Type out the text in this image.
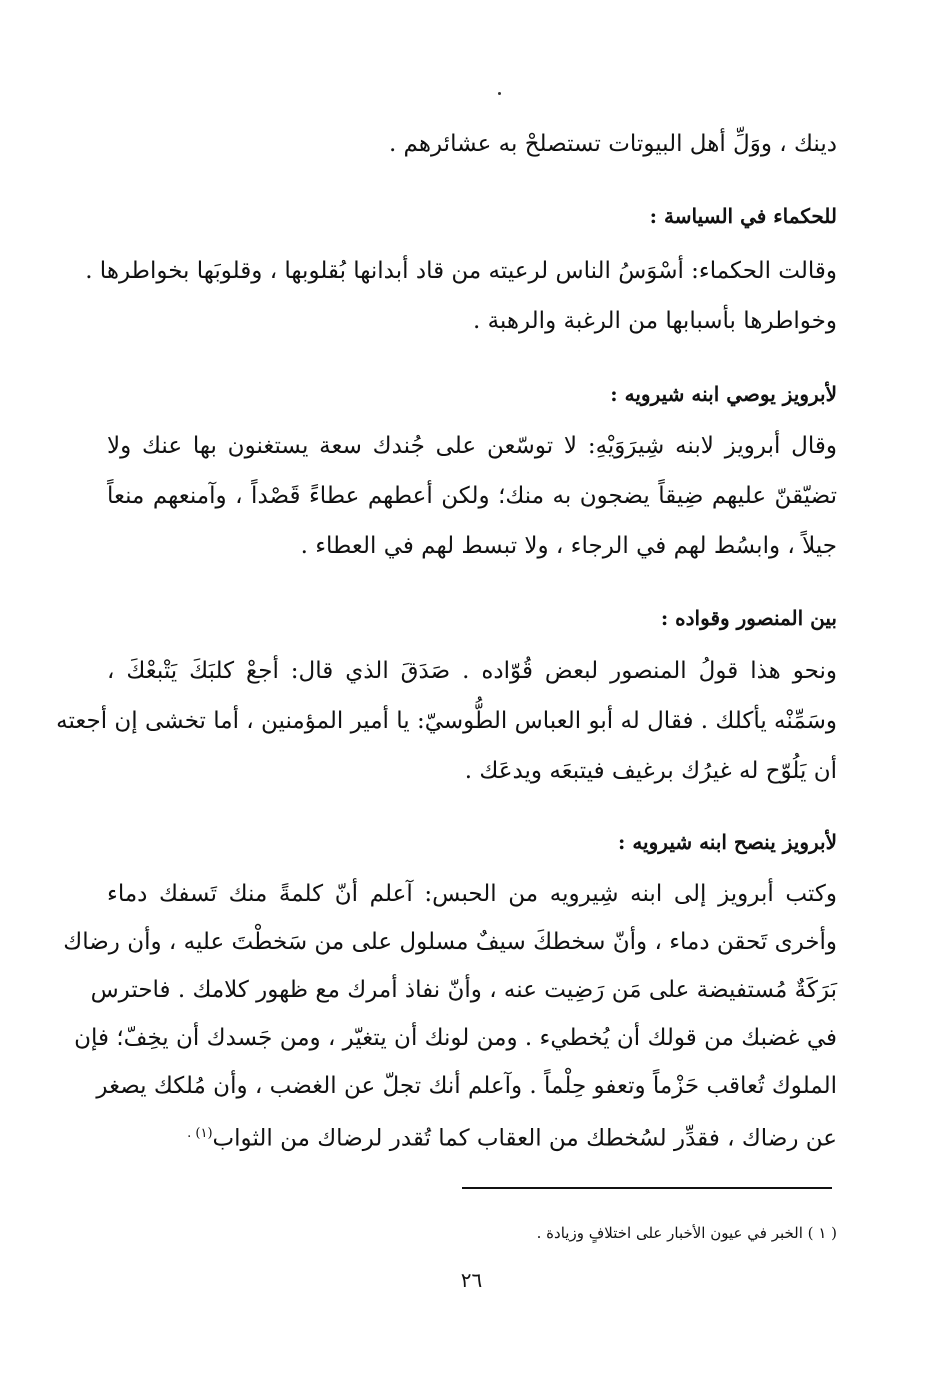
دينك ، ووَلِّ أهل البيوتات تستصلحْ به عشائرهم .
للحكماء في السياسة :
وقالت الحكماء: أسْوَسُ الناس لرعيته من قاد أبدانها بُقلوبها ، وقلوبَها بخواطرها .
وخواطرها بأسبابها من الرغبة والرهبة .
لأبرويز يوصي ابنه شيرويه :
وقال أبرويز لابنه شِيرَوَيْهِ: لا توسّعن على جُندك سعة يستغنون بها عنك ولا
تضيّقنّ عليهم ضِيقاً يضجون به منك؛ ولكن أعطهم عطاءً قَصْداً ، وآمنعهم منعاً
جيلاً ، وابسُط لهم في الرجاء ، ولا تبسط لهم في العطاء .
بين المنصور وقواده :
ونحو هذا قولُ المنصور لبعض قُوّاده . صَدَقَ الذي قال: أجعْ كلبَكَ يَتْبعْكَ ،
وسَمِّنْه يأكلك . فقال له أبو العباس الطُّوسيّ: يا أمير المؤمنين ، أما تخشى إن أجعته
أن يَلُوّح له غيرُك برغيف فيتبعَه ويدعَك .
لأبرويز ينصح ابنه شيرويه :
وكتب أبرويز إلى ابنه شِيرويه من الحبس: آعلم أنّ كلمةً منك تَسفك دماء
وأخرى تَحقن دماء ، وأنّ سخطكَ سيفٌ مسلول على من سَخطْتَ عليه ، وأن رضاك
بَرَكَةٌ مُستفيضة على مَن رَضِيت عنه ، وأنّ نفاذ أمرك مع ظهور كلامك . فاحترس
في غضبك من قولك أن يُخطيء . ومن لونك أن يتغيّر ، ومن جَسدك أن يخِفّ؛ فإن
الملوك تُعاقب حَزْماً وتعفو حِلْماً . وآعلم أنك تجلّ عن الغضب ، وأن مُلكك يصغر
عن رضاك ، فقدِّر لسُخطك من العقاب كما تُقدر لرضاك من الثواب$^{(١) .}$
( ١ ) الخبر في عيون الأخبار على اختلافٍ وزيادة .
٢٦
